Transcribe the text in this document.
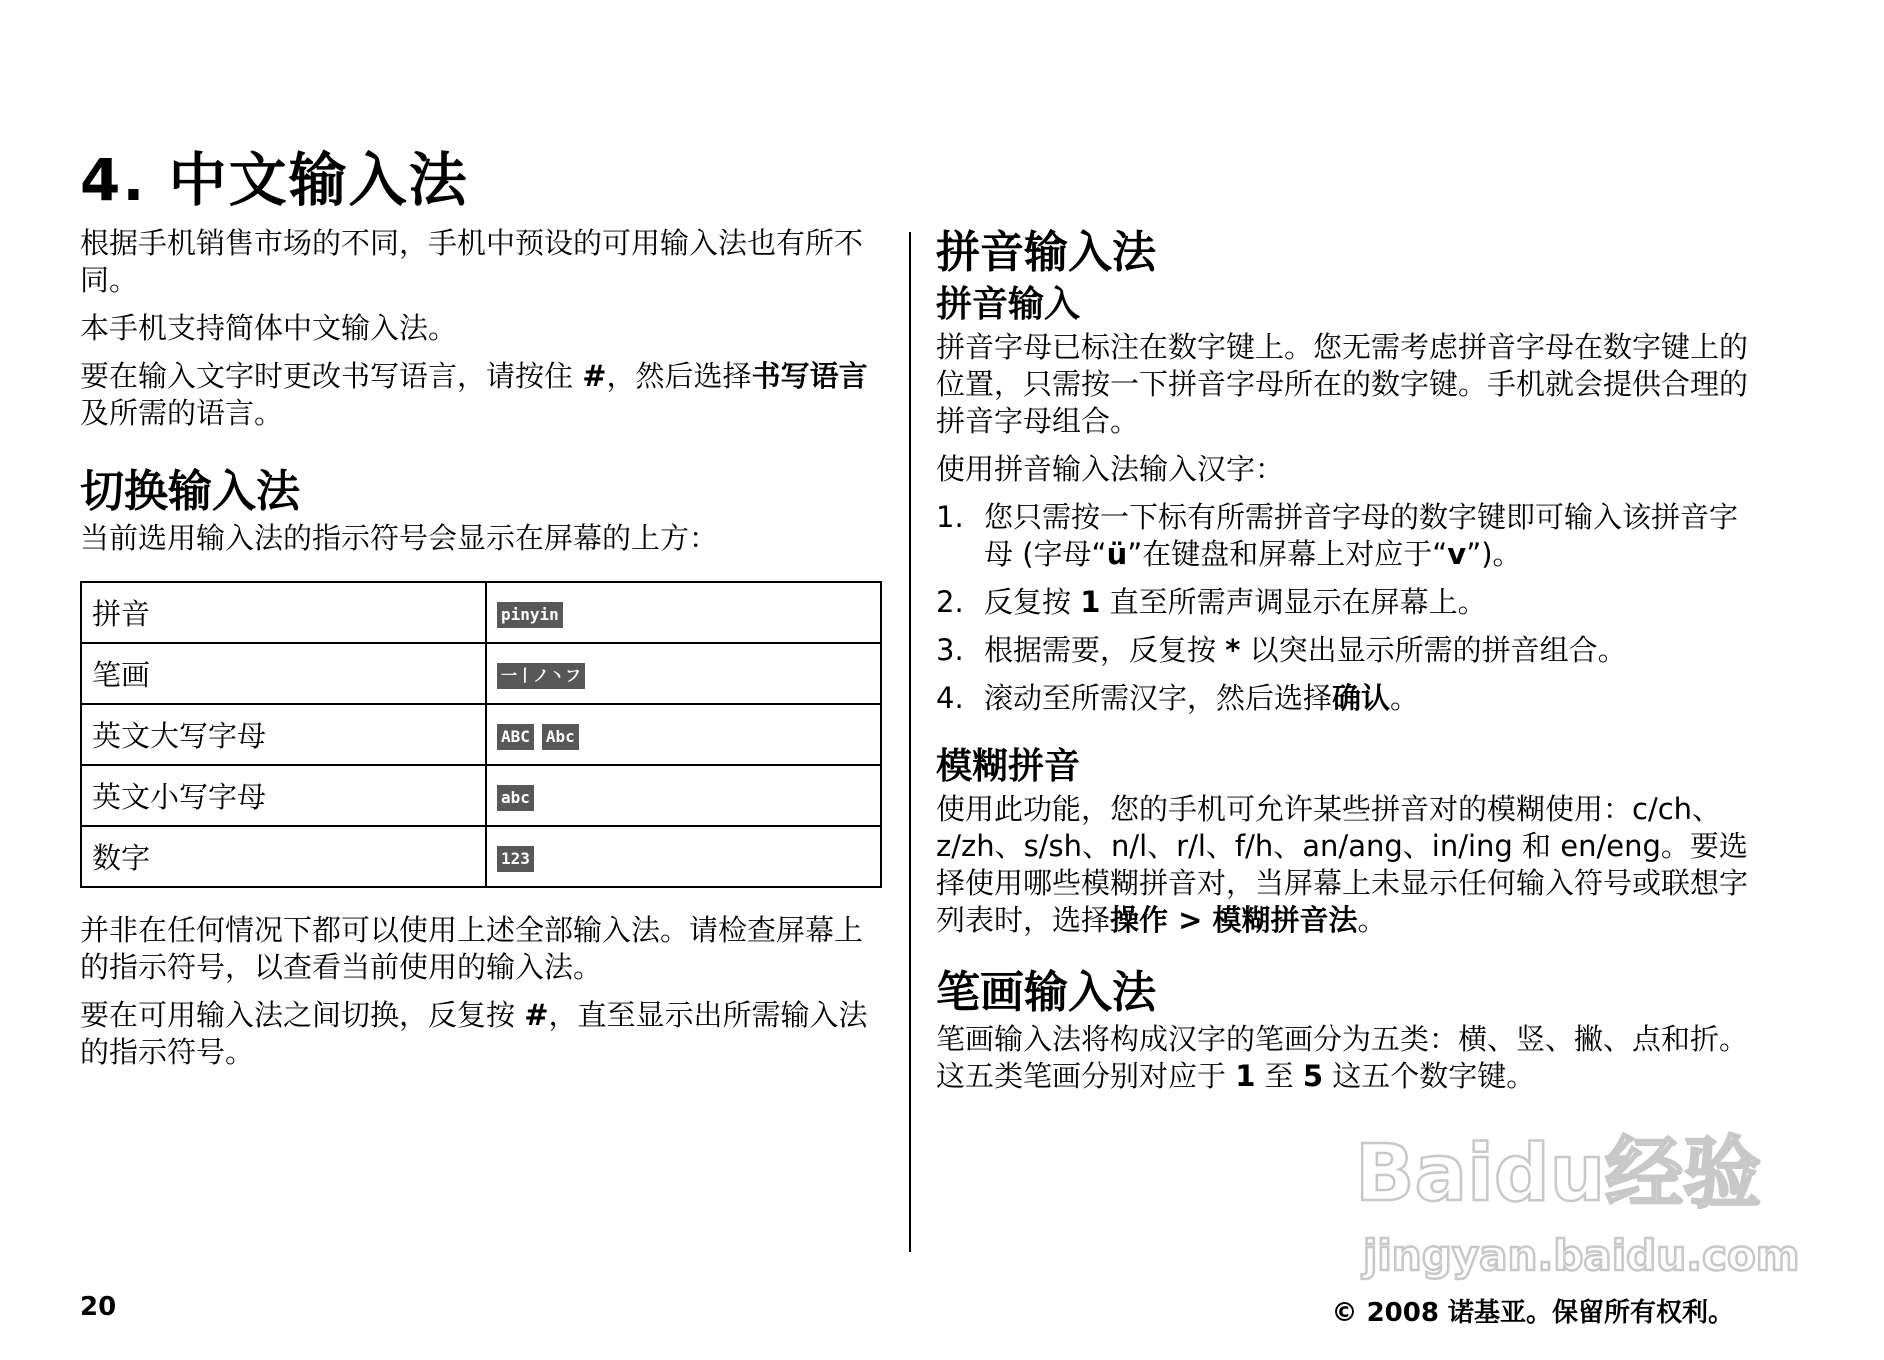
4. 中文输入法

根据手机销售市场的不同，手机中预设的可用输入法也有所不同。

本手机支持简体中文输入法。

要在输入文字时更改书写语言，请按住 #，然后选择书写语言及所需的语言。

切换输入法

当前选用输入法的指示符号会显示在屏幕的上方：

拼音	pinyin
笔画	一丨ノ丶フ
英文大写字母	ABC Abc
英文小写字母	abc
数字	123

并非在任何情况下都可以使用上述全部输入法。请检查屏幕上的指示符号，以查看当前使用的输入法。

要在可用输入法之间切换，反复按 #，直至显示出所需输入法的指示符号。

拼音输入法
拼音输入

拼音字母已标注在数字键上。您无需考虑拼音字母在数字键上的位置，只需按一下拼音字母所在的数字键。手机就会提供合理的拼音字母组合。

使用拼音输入法输入汉字：

1. 您只需按一下标有所需拼音字母的数字键即可输入该拼音字母 (字母“ü”在键盘和屏幕上对应于“v”)。
2. 反复按 1 直至所需声调显示在屏幕上。
3. 根据需要，反复按 * 以突出显示所需的拼音组合。
4. 滚动至所需汉字，然后选择确认。
模糊拼音

使用此功能，您的手机可允许某些拼音对的模糊使用：c/ch、z/zh、s/sh、n/l、r/l、f/h、an/ang、in/ing 和 en/eng。要选择使用哪些模糊拼音对，当屏幕上未显示任何输入符号或联想字列表时，选择操作 > 模糊拼音法。

笔画输入法

笔画输入法将构成汉字的笔画分为五类：横、竖、撇、点和折。这五类笔画分别对应于 1 至 5 这五个数字键。

Baidu经验
jingyan.baidu.com
20	© 2008 诺基亚。保留所有权利。
